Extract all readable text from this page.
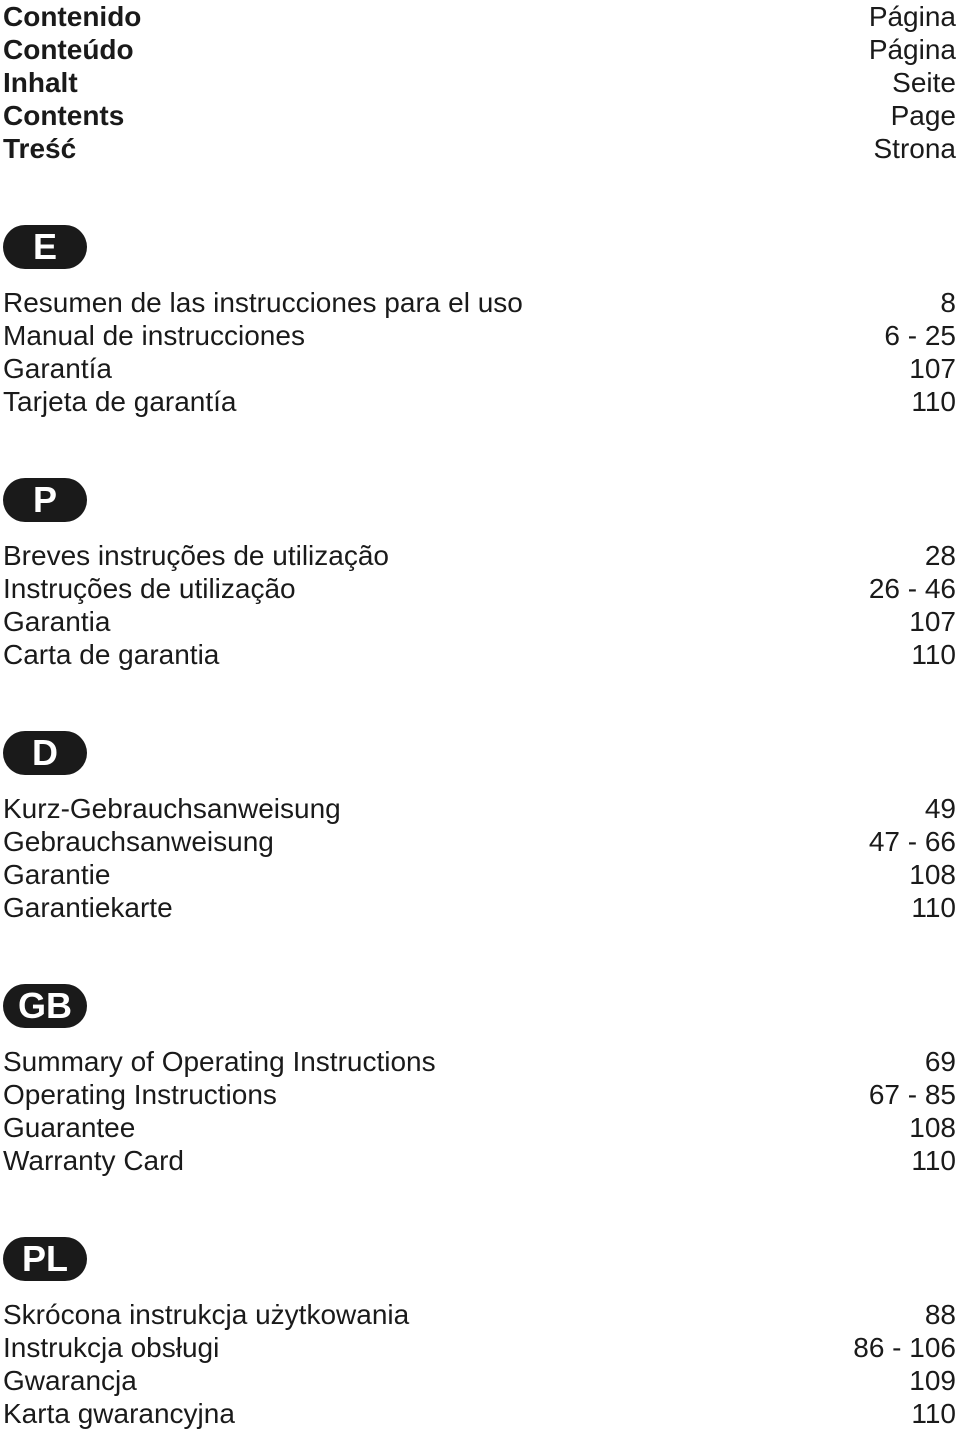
Contenido	Página
Conteúdo	Página
Inhalt	Seite
Contents	Page
Treść	Strona
E
Resumen de las instrucciones para el uso	8
Manual de instrucciones	6 - 25
Garantía	107
Tarjeta de garantía	110
P
Breves instruções de utilização	28
Instruções de utilização	26 - 46
Garantia	107
Carta de garantia	110
D
Kurz-Gebrauchsanweisung	49
Gebrauchsanweisung	47 - 66
Garantie	108
Garantiekarte	110
GB
Summary of Operating Instructions	69
Operating Instructions	67 - 85
Guarantee	108
Warranty Card	110
PL
Skrócona instrukcja użytkowania	88
Instrukcja obsługi	86 - 106
Gwarancja	109
Karta gwarancyjna	110
